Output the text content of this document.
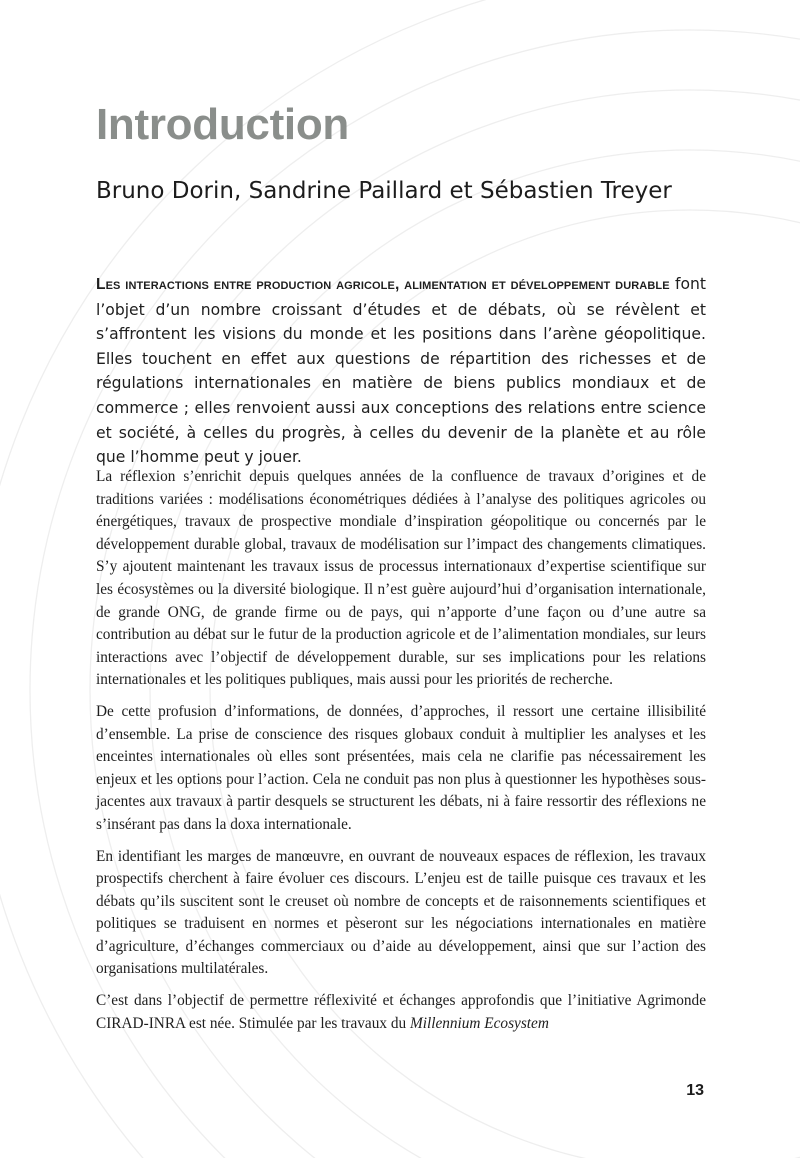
Introduction
Bruno Dorin, Sandrine Paillard et Sébastien Treyer

Les interactions entre production agricole, alimentation et développement durable font l’objet d’un nombre croissant d’études et de débats, où se révèlent et s’affrontent les visions du monde et les positions dans l’arène géopolitique. Elles touchent en effet aux questions de répartition des richesses et de régulations internationales en matière de biens publics mondiaux et de commerce ; elles renvoient aussi aux conceptions des relations entre science et société, à celles du progrès, à celles du devenir de la planète et au rôle que l’homme peut y jouer.

La réflexion s’enrichit depuis quelques années de la confluence de travaux d’origines et de traditions variées : modélisations économétriques dédiées à l’analyse des politiques agricoles ou énergétiques, travaux de prospective mondiale d’inspiration géopolitique ou concernés par le développement durable global, travaux de modélisation sur l’impact des changements climatiques. S’y ajoutent maintenant les travaux issus de processus internationaux d’expertise scientifique sur les écosystèmes ou la diversité biologique. Il n’est guère aujourd’hui d’organisation internationale, de grande ONG, de grande firme ou de pays, qui n’apporte d’une façon ou d’une autre sa contribution au débat sur le futur de la production agricole et de l’alimentation mondiales, sur leurs interactions avec l’objectif de développement durable, sur ses implications pour les relations internationales et les politiques publiques, mais aussi pour les priorités de recherche.

De cette profusion d’informations, de données, d’approches, il ressort une certaine illisibilité d’ensemble. La prise de conscience des risques globaux conduit à multiplier les analyses et les enceintes internationales où elles sont présentées, mais cela ne clarifie pas nécessairement les enjeux et les options pour l’action. Cela ne conduit pas non plus à questionner les hypothèses sous-jacentes aux travaux à partir desquels se structurent les débats, ni à faire ressortir des réflexions ne s’insérant pas dans la doxa internationale.

En identifiant les marges de manœuvre, en ouvrant de nouveaux espaces de réflexion, les travaux prospectifs cherchent à faire évoluer ces discours. L’enjeu est de taille puisque ces travaux et les débats qu’ils suscitent sont le creuset où nombre de concepts et de raisonnements scientifiques et politiques se traduisent en normes et pèseront sur les négociations internationales en matière d’agriculture, d’échanges commerciaux ou d’aide au développement, ainsi que sur l’action des organisations multilatérales.

C’est dans l’objectif de permettre réflexivité et échanges approfondis que l’initiative Agrimonde CIRAD-INRA est née. Stimulée par les travaux du Millennium Ecosystem

13
